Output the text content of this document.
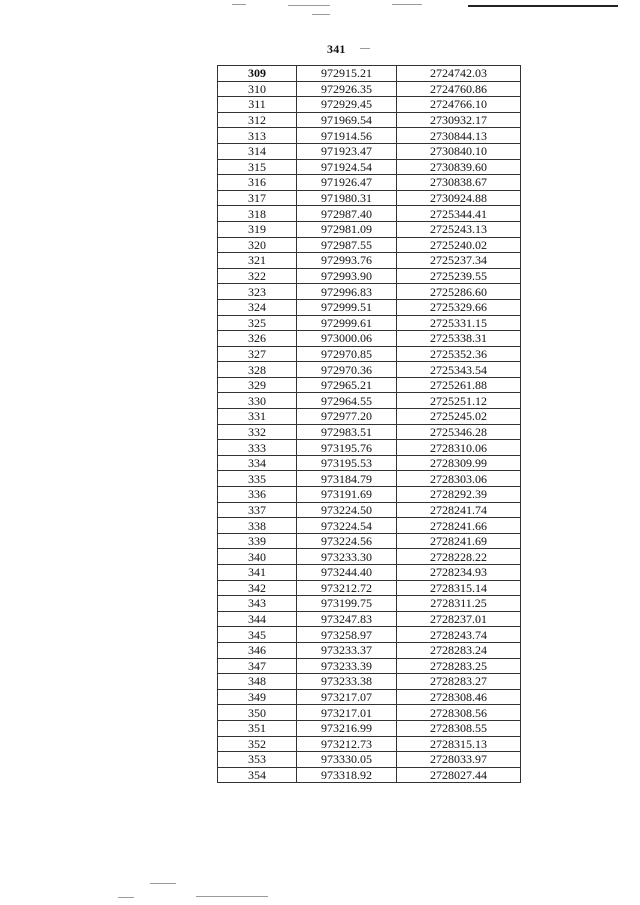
341
309	972915.21	2724742.03
310	972926.35	2724760.86
311	972929.45	2724766.10
312	971969.54	2730932.17
313	971914.56	2730844.13
314	971923.47	2730840.10
315	971924.54	2730839.60
316	971926.47	2730838.67
317	971980.31	2730924.88
318	972987.40	2725344.41
319	972981.09	2725243.13
320	972987.55	2725240.02
321	972993.76	2725237.34
322	972993.90	2725239.55
323	972996.83	2725286.60
324	972999.51	2725329.66
325	972999.61	2725331.15
326	973000.06	2725338.31
327	972970.85	2725352.36
328	972970.36	2725343.54
329	972965.21	2725261.88
330	972964.55	2725251.12
331	972977.20	2725245.02
332	972983.51	2725346.28
333	973195.76	2728310.06
334	973195.53	2728309.99
335	973184.79	2728303.06
336	973191.69	2728292.39
337	973224.50	2728241.74
338	973224.54	2728241.66
339	973224.56	2728241.69
340	973233.30	2728228.22
341	973244.40	2728234.93
342	973212.72	2728315.14
343	973199.75	2728311.25
344	973247.83	2728237.01
345	973258.97	2728243.74
346	973233.37	2728283.24
347	973233.39	2728283.25
348	973233.38	2728283.27
349	973217.07	2728308.46
350	973217.01	2728308.56
351	973216.99	2728308.55
352	973212.73	2728315.13
353	973330.05	2728033.97
354	973318.92	2728027.44
